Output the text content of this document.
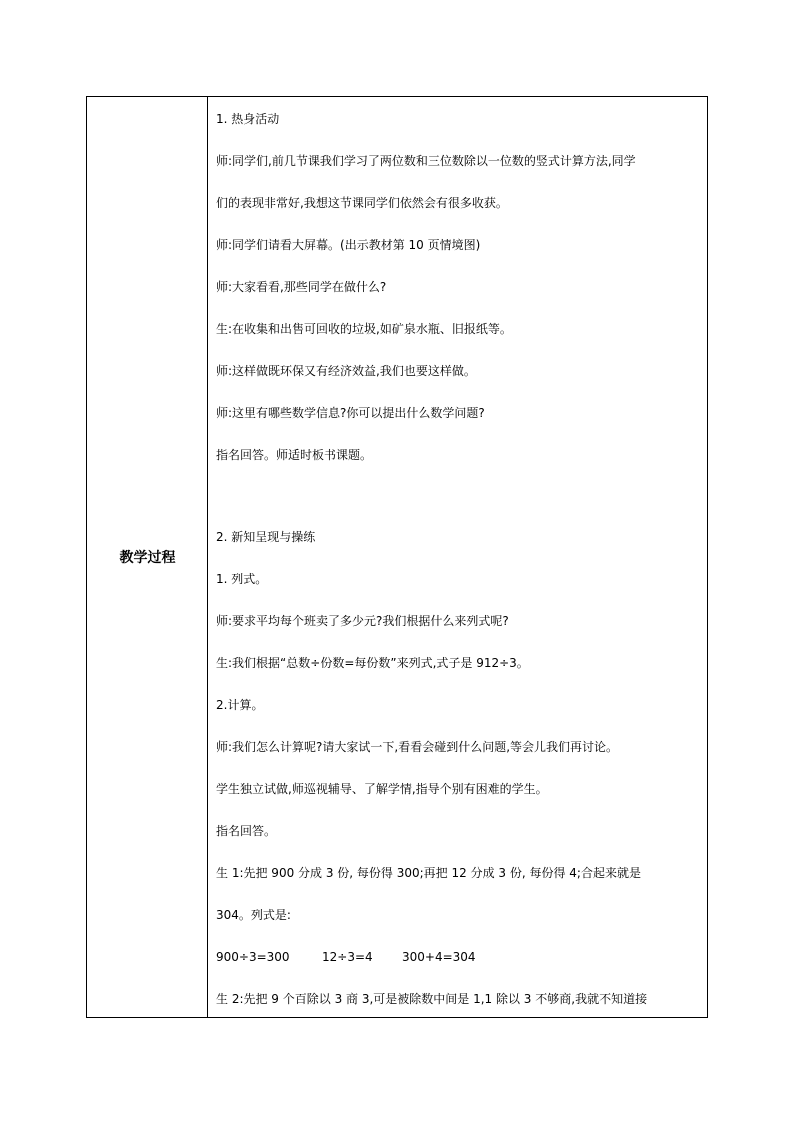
教学过程
1. 热身活动
师:同学们,前几节课我们学习了两位数和三位数除以一位数的竖式计算方法,同学
们的表现非常好,我想这节课同学们依然会有很多收获。
师:同学们请看大屏幕。(出示教材第 10 页情境图)
师:大家看看,那些同学在做什么?
生:在收集和出售可回收的垃圾,如矿泉水瓶、旧报纸等。
师:这样做既环保又有经济效益,我们也要这样做。
师:这里有哪些数学信息?你可以提出什么数学问题?
指名回答。师适时板书课题。
2. 新知呈现与操练
1. 列式。
师:要求平均每个班卖了多少元?我们根据什么来列式呢?
生:我们根据“总数÷份数=每份数”来列式,式子是 912÷3。
2.计算。
师:我们怎么计算呢?请大家试一下,看看会碰到什么问题,等会儿我们再讨论。
学生独立试做,师巡视辅导、了解学情,指导个别有困难的学生。
指名回答。
生 1:先把 900 分成 3 份, 每份得 300;再把 12 分成 3 份, 每份得 4;合起来就是
304。列式是:
900÷3=300	12÷3=4 300+4=304
生 2:先把 9 个百除以 3 商 3,可是被除数中间是 1,1 除以 3 不够商,我就不知道接
